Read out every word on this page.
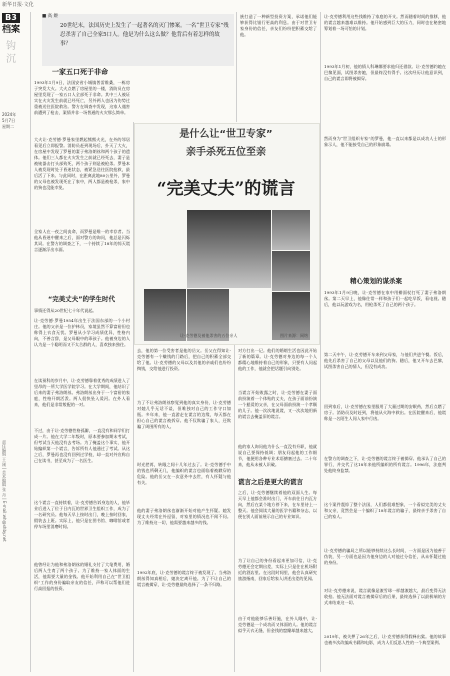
新华日报·文化
B3
档案
钩沉
2024年
5月7日
星期二
责任编辑 王 刚 | 美术编辑 张 丹 | E-mail:wh@xhby.net
■ 高 姬
20世纪末，法国历史上发生了一起著名的灭门惨案。一名“世卫专家”残忍杀害了自己全家5口人。他是为什么这么做？他背后有着怎样的故事？
一家五口死于非命
1993年1月9日，法国安省小城镇普雷维桑，一栋房子突发大火。大火点燃了房屋里的一楼，消防员在房屋里发现了一家五口人全部死于非命。其中三人被证实在火灾发生前就已经死亡，另外两人也因为伤势过重被送往医院救治。警方在调查中发现，这家人遇害前遭到了枪击，案情并非一场普通的火灾那么简单。
大火让-克劳德·罗曼家里燃起熊熊火光，在外的邻居看见后立即报警。消防员赶到现场后，扑灭了大火，在房屋中发现了罗曼的妻子弗洛朗丝和两个孩子的遗体。他们三人都在火灾发生之前就已经死去，妻子是被钝器击打头部致死，两个孩子则是被枪杀。罗曼本人被发现时处于昏迷状态，被紧急送往医院抢救，最后活了下来。与此同时，在距离此地80公里外，罗曼的父母也被发现死在了家中，两人都是被枪杀，家中的狗也没能幸免。
全家人在一夜之间丧命，而罗曼是唯一的幸存者。当他从昏迷中醒来之后，面对警方的询问，他总是闪烁其词。在警方的调查之下，一个持续了18年的惊天谎言逐渐浮出水面。
“完美丈夫”的学生时代
事情还得从20世纪七十年代说起。
让-克劳德·罗曼1954年出生于法国东部的一个小村庄。他的父亲是一位护林员，家境虽然不算富裕但也称得上衣食无忧。罗曼从小学习成绩优异，性格内向，不善言辞，是父母眼中的乖孩子。他被身边的人认为是一个聪明而又不太合群的人，喜欢独来独往。
在读预科的岁月中，让-克劳德靠着优秀的成绩进入了里昂的一所大学医学院学习。在大学期间，他结识了后来的妻子弗洛朗丝。弗洛朗丝出身于一个富裕的家庭，性格开朗活泼。两人很快坠入爱河。在外人看来，他们是非常般配的一对。
不过，由于让-克劳德性格孤僻，一直没有和同学们打成一片。他在大学二年级时，原本要参加期末考试，但考试当天他没有去考场。为了掩盖这个事实，他开始编织第一个谎言，告诉所有人他通过了考试。从这之后，罗曼再也没有回到过学校，却一直对外宣称自己在读书，甚至成为了一名医生。
这个谎言一直持续着，让-克劳德告诉身边的人，他毕业后进入了位于日内瓦的世界卫生组织工作，成为了一名研究员。他每天早上按时出门，晚上按时回家，假装去上班。实际上，他只是在图书馆、咖啡馆或者停车场里消磨时间。
他曾经让为他和弗洛朗丝的婚礼支付了大笔费用，婚后两人生育了两个孩子。为了维持一家人体面的生活，他需要大量的金钱。他开始利用自己在“世卫组织”工作的身份骗取亲友的信任，声称可以帮他们进行高回报的投资。
族打造了一种新型投资方案，承诺他们能够获得比银行更高的利息。由于对世卫专家身份的信任，亲友们纷纷把积蓄交给了他。
让-克劳德及被他杀害的五位亲人	图片来源：网络
是什么让“世卫专家”
亲手杀死五位至亲
“完美丈夫”的谎言
去，他的第一位受害者是他的岳父。岳父在得知让-克劳德有一个赚钱的门路后，把自己的积蓄全部交给了他。让-克劳德的父母以及其他的亲戚们也纷纷掏钱，交给他进行投资。
为了不让弗洛朗丝察觉到他的真实身份，让-克劳德对她几乎无话不谈，但唯独对自己的工作守口如瓶。多年来，他一直游走在谎言的边缘，每天都在担心自己的谎言被拆穿。他不仅欺骗了家人，还欺骗了周围所有的人。
时光荏苒，转眼之间十几年过去了。让-克劳德手中的钱也所剩无几，他编织的谎言也面临着被戳穿的危险。他的岳父在一次意外中去世，有人怀疑与他有关。
他的妻子弗洛朗丝也渐渐开始对他产生怀疑。她发现丈夫经常在外逗留，对家里的情况也不闻不问。为了维持这一切，他需要越来越多的钱。
1992年底，让-克劳德的谎言终于被发现了。当弗洛朗丝得知真相后，她决定离开他。为了不让自己的谎言被揭穿，让-克劳德最终选择了一条不归路。
对方打出一记。他们的婚姻生活也因此开始了新的篇章。让-克劳德对身边的每一个人都精心地维持着自己的形象，只要有人问起他的工作，他就会把话题引向别处。
当谎言开始败露之时，让-克劳德在妻子面前扮演着一个体贴的丈夫，在孩子面前扮演一个慈爱的父亲，在父母面前扮演一个孝顺的儿子。他一次次地说谎，又一次次地用新的谎言去掩盖旧的谎言。
他的家人询问他为什么一直没有升职，他就说自己要保持低调；朋友问起他的工作细节，他便用各种专业术语搪塞过去。二十年来，他从未被人识破。
谎言之后是更大的谎言
之后，让-克劳德继续着他的双面人生。每天早上他都会准时出门，开车前往日内瓦方向，然后在某个地方停下来，在车里待上一整天。他会阅读大量的医学书籍和杂志，以便在别人面前展示自己的专业知识。
为了让自己的身份看起来更加可信，让-克劳德还会定期出差，实际上只是住在机场附近的酒店里。在这段时间里，他会认真研究旅游指南，回家后给家人讲述出差的见闻。
由于对他能够乐善好施，在外人眼中，让-克劳德是一个成功而又体面的人。他的谎言似乎天衣无缝，但金钱的窟窿却越来越大。
让-克劳德利用这些钱维持了家庭的开支。然而随着时间的推移，他的谎言越来越难以维持。他开始感到巨大的压力，同时也在秘密地筹划着一场可怕的计划。
1993年1月初，他的情人科琳娜要求他归还借款。让-克劳德约她在巴黎见面，试图杀害她，但最终没有得手。这次经历让他意识到，自己的谎言即将被揭穿。
然而身为“世卫组织专家”的罗曼，他一直以来都是以成功人士的形象示人，他不能接受自己的形象崩塌。
精心策划的谋杀案
1993年1月9日晚，让-克劳德在家中用擀面杖打死了妻子弗洛朗丝。第二天早上，他像往常一样和孩子们一起吃早饭，看电视。随后，他以玩游戏为名，用枪杀死了自己的两个孩子。
第二天中午，让-克劳德开车来到父母家，与他们共进午餐。饭后，他先后杀害了自己的父母以及他们的狗。随后，他又开车去巴黎，试图杀害自己的情人，但没有成功。
回到家后，让-克劳德在家里服用了大量过期的安眠药，然后点燃了房子。消防员及时赶到，将他从火海中救出。在医院醒来后，他谎称是一名陌生人闯入家中行凶。
在警方的调查之下，让-克劳德的谎言终于被揭穿。他承认了自己的罪行，并交代了这18年来他所编织的所有谎言。1996年，法庭判处他终身监禁。
这个案件震惊了整个法国，人们都很难想象，一个看似完美的丈夫和父亲，竟然会是一个编织了18年谎言的骗子，最终亲手杀害了自己的家人。
让-克劳德的骗局之所以能够持续这么长时间，一方面是因为他善于伪装，另一方面也是因为他身边的人对他过分信任，从未怀疑过他的身份。
对让-克劳德来说，谎言就像是滚雪球一样越滚越大，最后变得无法收拾。他无法面对谎言被揭穿后的后果，最终选择了以最极端的方式来结束这一切。
2019年，被关押了26年之后，让-克劳德获得假释出狱。他的故事也被多次改编成书籍和电影，成为人们反思人性的一个典型案例。
